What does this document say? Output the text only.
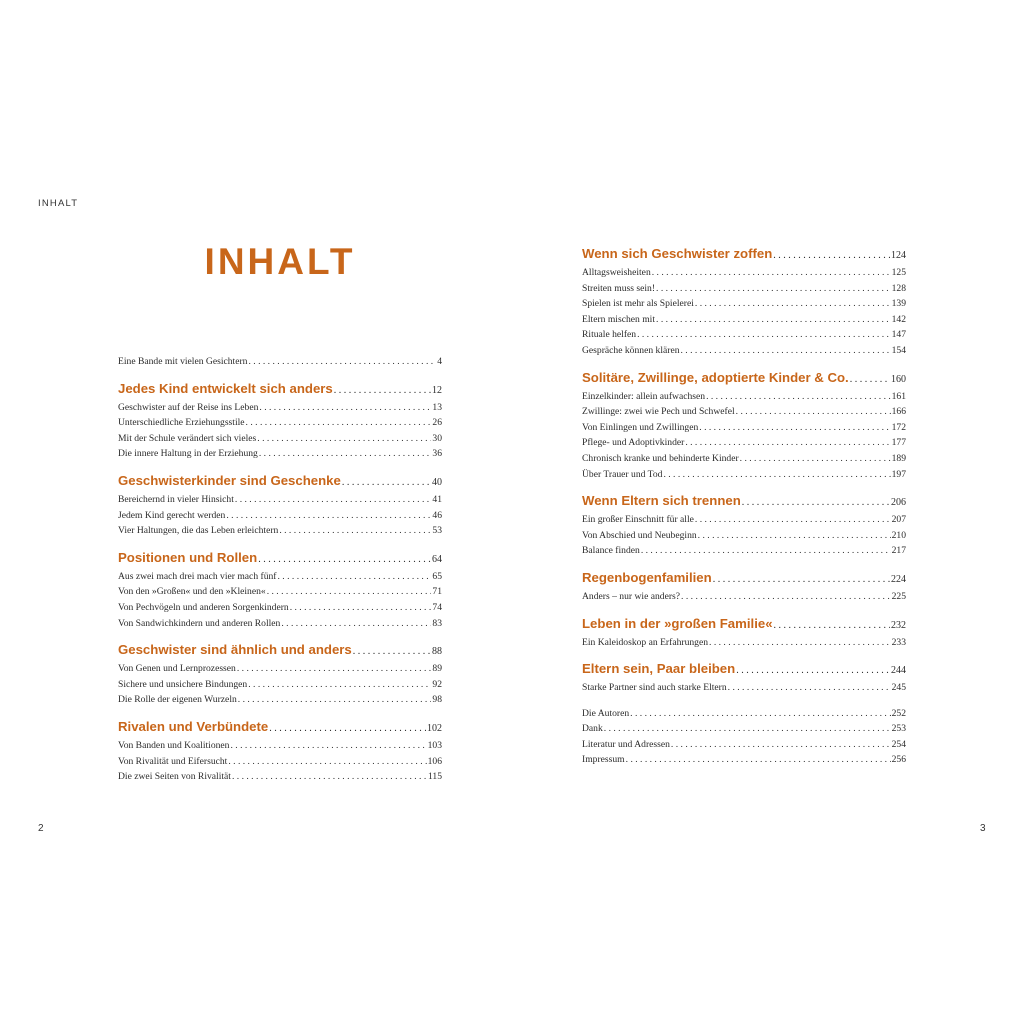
INHALT
INHALT
Eine Bande mit vielen Gesichtern . . .	4
Jedes Kind entwickelt sich anders . . .	12
Geschwister auf der Reise ins Leben . . .	13
Unterschiedliche Erziehungsstile . . .	26
Mit der Schule verändert sich vieles . . .	30
Die innere Haltung in der Erziehung . . .	36
Geschwisterkinder sind Geschenke . . .	40
Bereichernd in vieler Hinsicht . . .	41
Jedem Kind gerecht werden . . .	46
Vier Haltungen, die das Leben erleichtern . . .	53
Positionen und Rollen . . .	64
Aus zwei mach drei mach vier mach fünf . . .	65
Von den »Großen« und den »Kleinen« . . .	71
Von Pechvögeln und anderen Sorgenkindern . . .	74
Von Sandwichkindern und anderen Rollen . . .	83
Geschwister sind ähnlich und anders . . .	88
Von Genen und Lernprozessen . . .	89
Sichere und unsichere Bindungen . . .	92
Die Rolle der eigenen Wurzeln . . .	98
Rivalen und Verbündete . . .	102
Von Banden und Koalitionen . . .	103
Von Rivalität und Eifersucht . . .	106
Die zwei Seiten von Rivalität . . .	115
Wenn sich Geschwister zoffen . . .	124
Alltagsweisheiten . . .	125
Streiten muss sein! . . .	128
Spielen ist mehr als Spielerei . . .	139
Eltern mischen mit . . .	142
Rituale helfen . . .	147
Gespräche können klären . . .	154
Solitäre, Zwillinge, adoptierte Kinder & Co. . . .	160
Einzelkinder: allein aufwachsen . . .	161
Zwillinge: zwei wie Pech und Schwefel . . .	166
Von Einlingen und Zwillingen . . .	172
Pflege- und Adoptivkinder . . .	177
Chronisch kranke und behinderte Kinder . . .	189
Über Trauer und Tod . . .	197
Wenn Eltern sich trennen . . .	206
Ein großer Einschnitt für alle . . .	207
Von Abschied und Neubeginn . . .	210
Balance finden . . .	217
Regenbogenfamilien . . .	224
Anders – nur wie anders? . . .	225
Leben in der »großen Familie« . . .	232
Ein Kaleidoskop an Erfahrungen . . .	233
Eltern sein, Paar bleiben . . .	244
Starke Partner sind auch starke Eltern . . .	245
Die Autoren . . .	252
Dank . . .	253
Literatur und Adressen . . .	254
Impressum . . .	256
2	3
